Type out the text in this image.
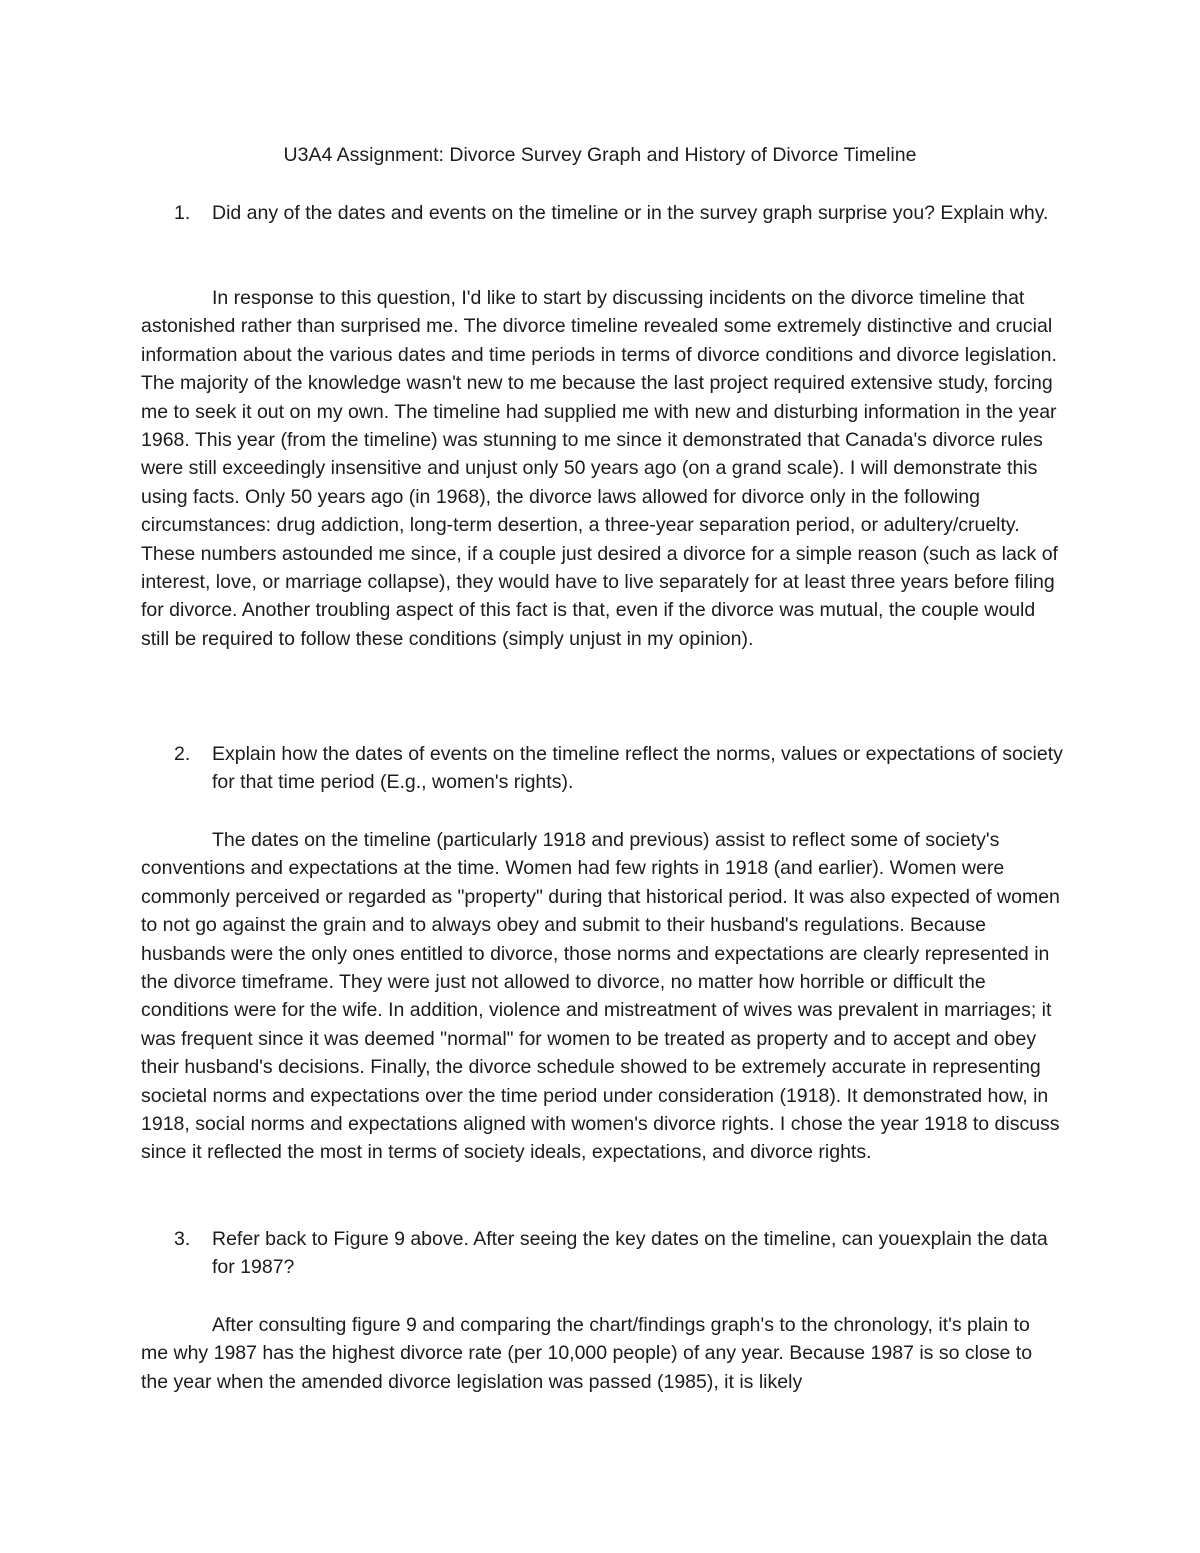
U3A4 Assignment: Divorce Survey Graph and History of Divorce Timeline
1. Did any of the dates and events on the timeline or in the survey graph surprise you? Explain why.

In response to this question, I'd like to start by discussing incidents on the divorce timeline that astonished rather than surprised me. The divorce timeline revealed some extremely distinctive and crucial information about the various dates and time periods in terms of divorce conditions and divorce legislation. The majority of the knowledge wasn't new to me because the last project required extensive study, forcing me to seek it out on my own. The timeline had supplied me with new and disturbing information in the year 1968. This year (from the timeline) was stunning to me since it demonstrated that Canada's divorce rules were still exceedingly insensitive and unjust only 50 years ago (on a grand scale). I will demonstrate this using facts. Only 50 years ago (in 1968), the divorce laws allowed for divorce only in the following circumstances: drug addiction, long-term desertion, a three-year separation period, or adultery/cruelty. These numbers astounded me since, if a couple just desired a divorce for a simple reason (such as lack of interest, love, or marriage collapse), they would have to live separately for at least three years before filing for divorce. Another troubling aspect of this fact is that, even if the divorce was mutual, the couple would still be required to follow these conditions (simply unjust in my opinion).

2. Explain how the dates of events on the timeline reflect the norms, values or expectations of society for that time period (E.g., women's rights).

The dates on the timeline (particularly 1918 and previous) assist to reflect some of society's conventions and expectations at the time. Women had few rights in 1918 (and earlier). Women were commonly perceived or regarded as "property" during that historical period. It was also expected of women to not go against the grain and to always obey and submit to their husband's regulations. Because husbands were the only ones entitled to divorce, those norms and expectations are clearly represented in the divorce timeframe. They were just not allowed to divorce, no matter how horrible or difficult the conditions were for the wife. In addition, violence and mistreatment of wives was prevalent in marriages; it was frequent since it was deemed "normal" for women to be treated as property and to accept and obey their husband's decisions. Finally, the divorce schedule showed to be extremely accurate in representing societal norms and expectations over the time period under consideration (1918). It demonstrated how, in 1918, social norms and expectations aligned with women's divorce rights. I chose the year 1918 to discuss since it reflected the most in terms of society ideals, expectations, and divorce rights.

3. Refer back to Figure 9 above. After seeing the key dates on the timeline, can youexplain the data for 1987?

After consulting figure 9 and comparing the chart/findings graph's to the chronology, it's plain to me why 1987 has the highest divorce rate (per 10,000 people) of any year. Because 1987 is so close to the year when the amended divorce legislation was passed (1985), it is likely
